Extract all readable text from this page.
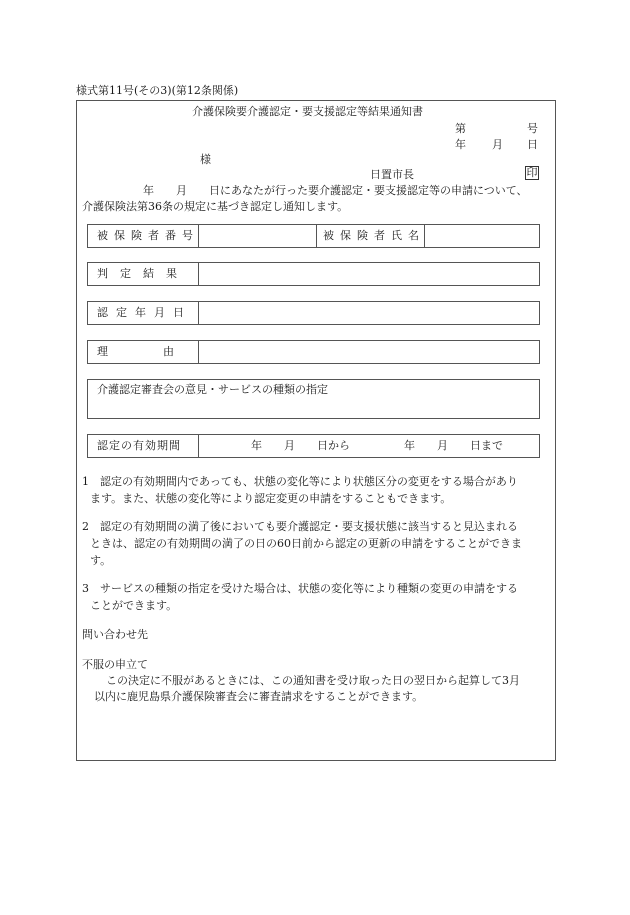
様式第11号(その3)(第12条関係)
介護保険要介護認定・要支援認定等結果通知書
第	号
年 月 日
様
日置市長	印
年　　月　　日にあなたが行った要介護認定・要支援認定等の申請について、
介護保険法第36条の規定に基づき認定し通知します。
被保険者番号	被保険者氏名
判定結果
認定年月日
理　　　　　由
介護認定審査会の意見・サービスの種類の指定
認定の有効期間	年　　月　　日から	年　　月　　日まで
1　認定の有効期間内であっても、状態の変化等により状態区分の変更をする場合があり
ます。また、状態の変化等により認定変更の申請をすることもできます。
2　認定の有効期間の満了後においても要介護認定・要支援状態に該当すると見込まれる
ときは、認定の有効期間の満了の日の60日前から認定の更新の申請をすることができま
す。
3　サービスの種類の指定を受けた場合は、状態の変化等により種類の変更の申請をする
ことができます。
問い合わせ先
不服の申立て
この決定に不服があるときには、この通知書を受け取った日の翌日から起算して3月
以内に鹿児島県介護保険審査会に審査請求をすることができます。
